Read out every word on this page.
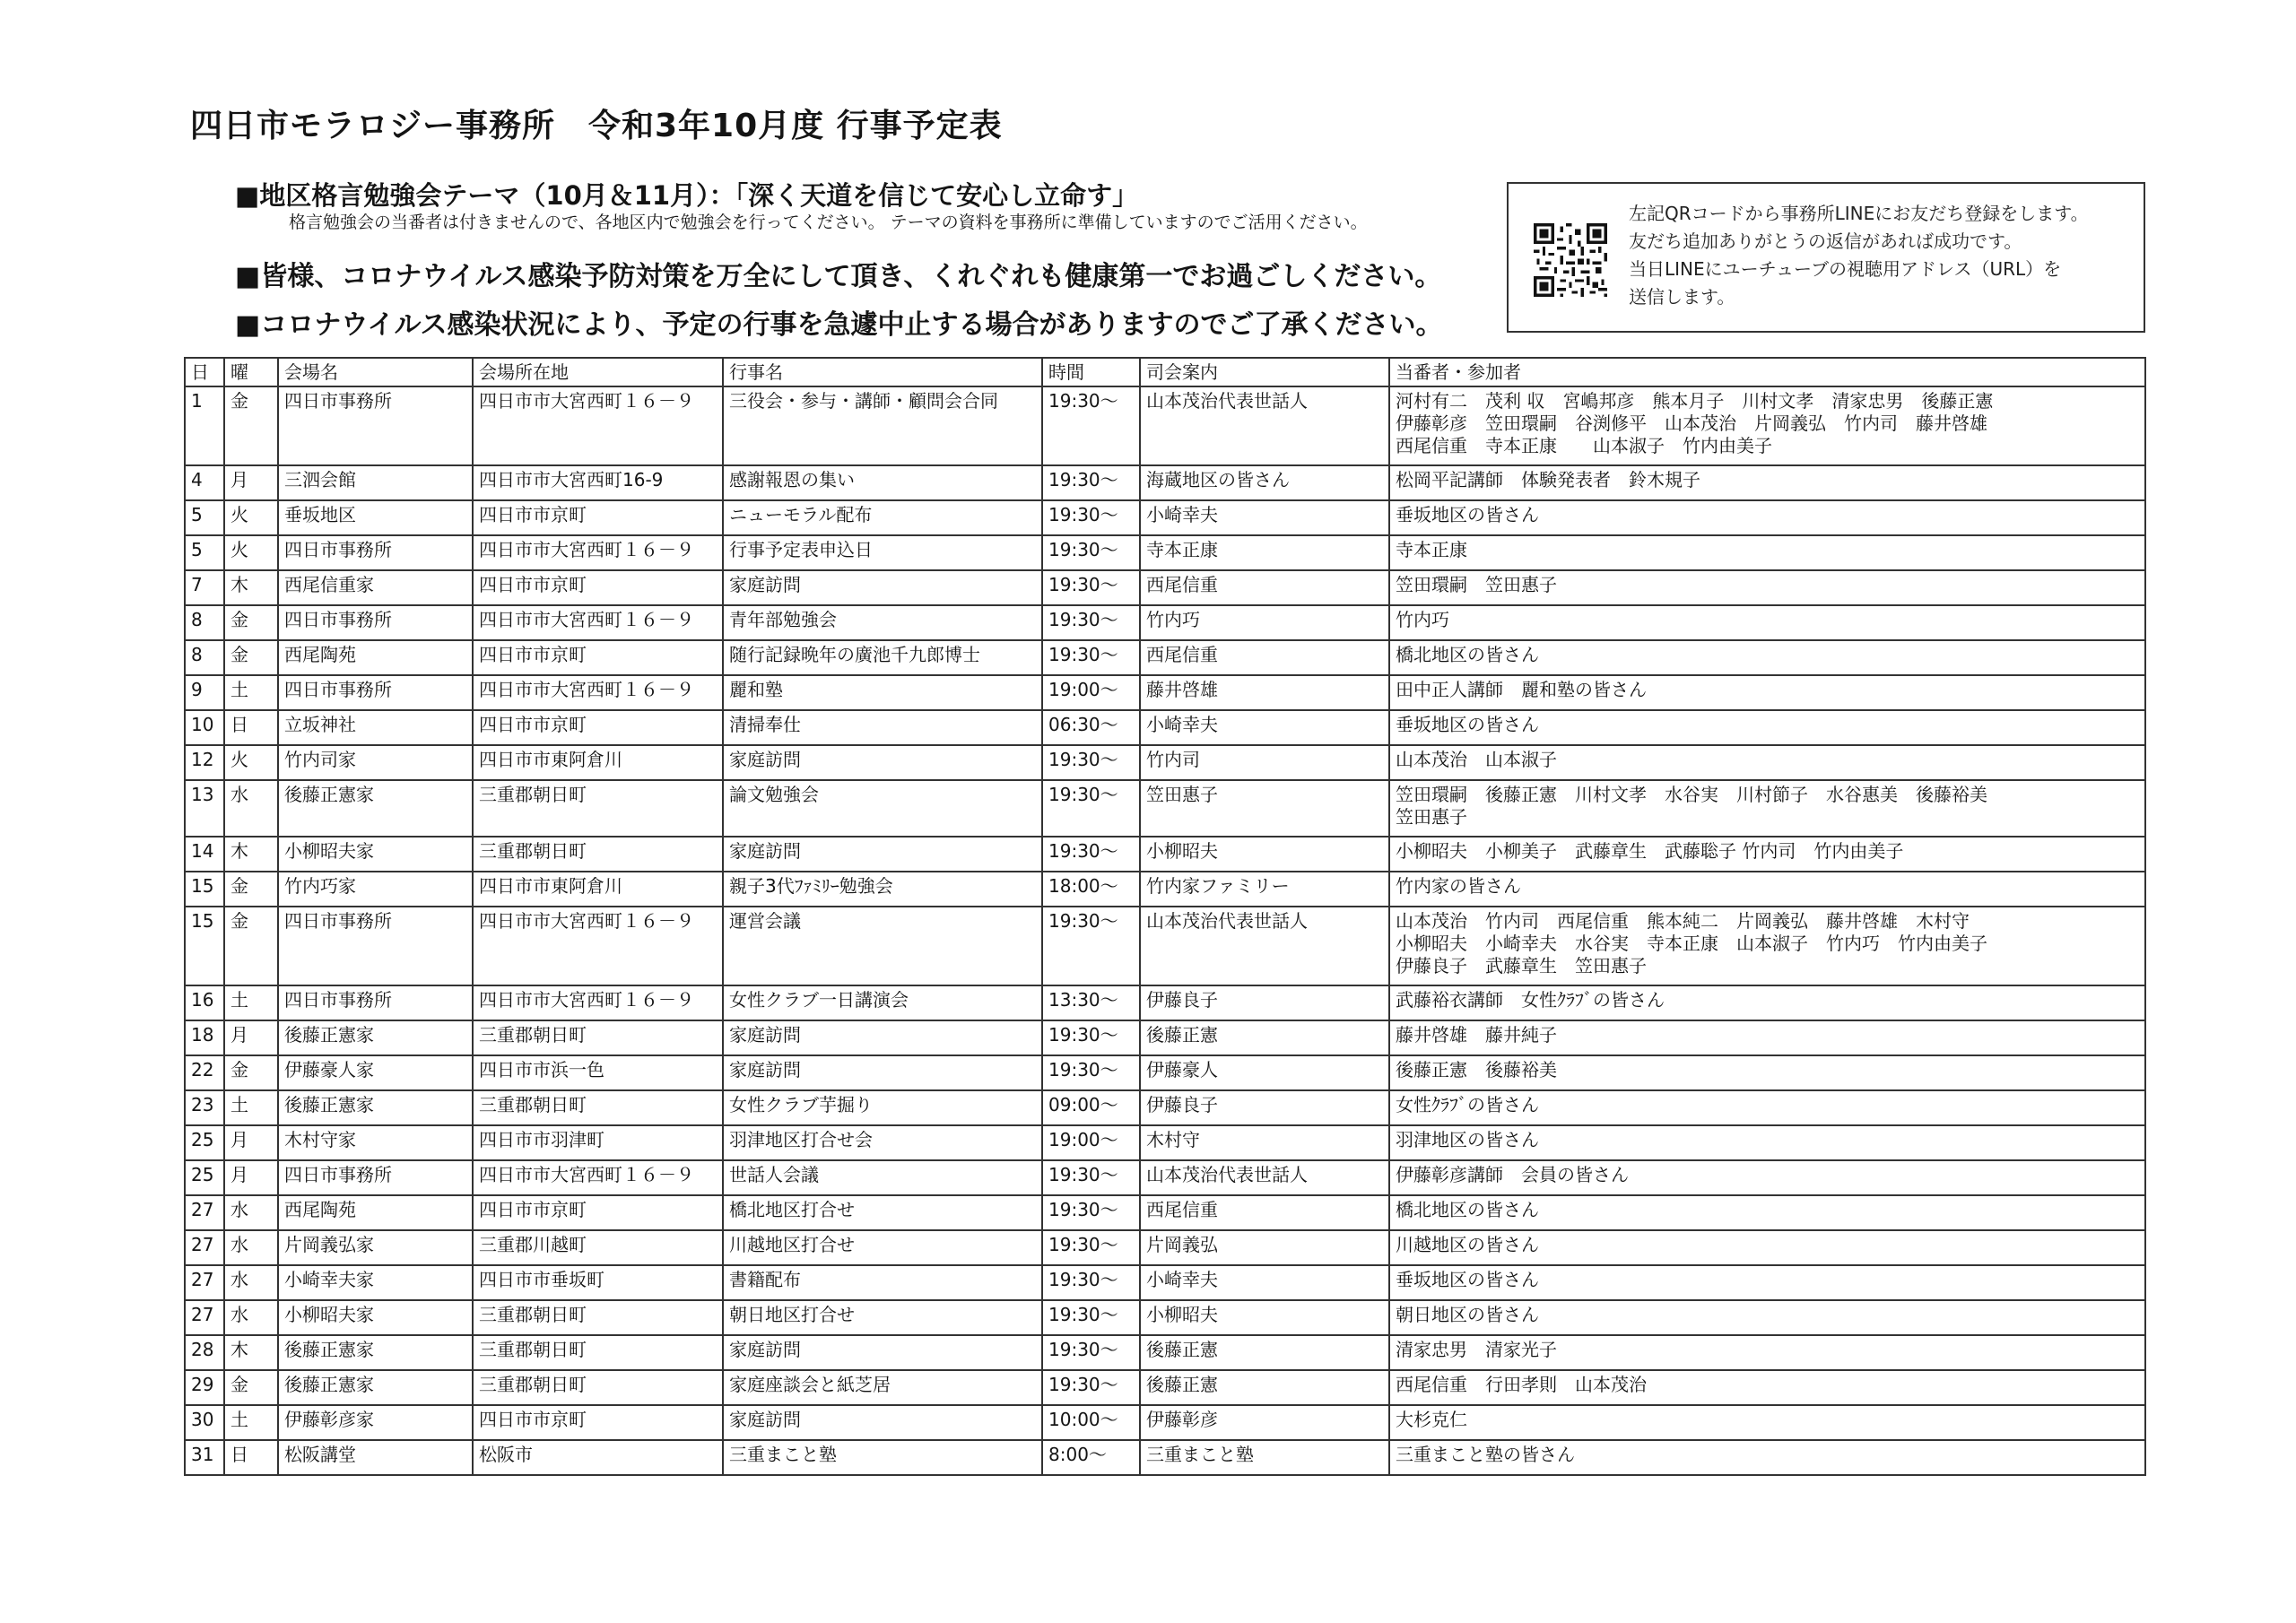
四日市モラロジー事務所　令和3年10月度 行事予定表
■地区格言勉強会テーマ（10月＆11月）：「深く天道を信じて安心し立命す」
格言勉強会の当番者は付きませんので、各地区内で勉強会を行ってください。 テーマの資料を事務所に準備していますのでご活用ください。
■皆様、コロナウイルス感染予防対策を万全にして頂き、くれぐれも健康第一でお過ごしください。
■コロナウイルス感染状況により、予定の行事を急遽中止する場合がありますのでご了承ください。
左記QRコードから事務所LINEにお友だち登録をします。
友だち追加ありがとうの返信があれば成功です。
当日LINEにユーチューブの視聴用アドレス（URL）を
送信します。
日	曜	会場名	会場所在地	行事名	時間	司会案内	当番者・参加者

1	金	四日市事務所	四日市市大宮西町１６－９	三役会・参与・講師・顧問会合同	19:30～	山本茂治代表世話人	河村有二　茂利 収　宮嶋邦彦　熊本月子　川村文孝　清家忠男　後藤正憲
伊藤彰彦　笠田環嗣　谷渕修平　山本茂治　片岡義弘　竹内司　藤井啓雄
西尾信重　寺本正康　　山本淑子　竹内由美子

4	月	三泗会館	四日市市大宮西町16-9	感謝報恩の集い	19:30～	海蔵地区の皆さん	松岡平記講師　体験発表者　鈴木規子

5	火	垂坂地区	四日市市京町	ニューモラル配布	19:30～	小崎幸夫	垂坂地区の皆さん

5	火	四日市事務所	四日市市大宮西町１６－９	行事予定表申込日	19:30～	寺本正康	寺本正康

7	木	西尾信重家	四日市市京町	家庭訪問	19:30～	西尾信重	笠田環嗣　笠田惠子

8	金	四日市事務所	四日市市大宮西町１６－９	青年部勉強会	19:30～	竹内巧	竹内巧

8	金	西尾陶苑	四日市市京町	随行記録晩年の廣池千九郎博士	19:30～	西尾信重	橋北地区の皆さん

9	土	四日市事務所	四日市市大宮西町１６－９	麗和塾	19:00～	藤井啓雄	田中正人講師　麗和塾の皆さん

10	日	立坂神社	四日市市京町	清掃奉仕	06:30～	小崎幸夫	垂坂地区の皆さん

12	火	竹内司家	四日市市東阿倉川	家庭訪問	19:30～	竹内司	山本茂治　山本淑子

13	水	後藤正憲家	三重郡朝日町	論文勉強会	19:30～	笠田惠子	笠田環嗣　後藤正憲　川村文孝　水谷実　川村節子　水谷惠美　後藤裕美
笠田惠子

14	木	小柳昭夫家	三重郡朝日町	家庭訪問	19:30～	小柳昭夫	小柳昭夫　小柳美子　武藤章生　武藤聡子 竹内司　竹内由美子

15	金	竹内巧家	四日市市東阿倉川	親子3代ﾌｧﾐﾘｰ勉強会	18:00～	竹内家ファミリー	竹内家の皆さん

15	金	四日市事務所	四日市市大宮西町１６－９	運営会議	19:30～	山本茂治代表世話人	山本茂治　竹内司　西尾信重　熊本純二　片岡義弘　藤井啓雄　木村守
小柳昭夫　小崎幸夫　水谷実　寺本正康　山本淑子　竹内巧　竹内由美子
伊藤良子　武藤章生　笠田惠子

16	土	四日市事務所	四日市市大宮西町１６－９	女性クラブ一日講演会	13:30～	伊藤良子	武藤裕衣講師　女性ｸﾗﾌﾞの皆さん

18	月	後藤正憲家	三重郡朝日町	家庭訪問	19:30～	後藤正憲	藤井啓雄　藤井純子

22	金	伊藤豪人家	四日市市浜一色	家庭訪問	19:30～	伊藤豪人	後藤正憲　後藤裕美

23	土	後藤正憲家	三重郡朝日町	女性クラブ芋掘り	09:00～	伊藤良子	女性ｸﾗﾌﾞの皆さん

25	月	木村守家	四日市市羽津町	羽津地区打合せ会	19:00～	木村守	羽津地区の皆さん

25	月	四日市事務所	四日市市大宮西町１６－９	世話人会議	19:30～	山本茂治代表世話人	伊藤彰彦講師　会員の皆さん

27	水	西尾陶苑	四日市市京町	橋北地区打合せ	19:30～	西尾信重	橋北地区の皆さん

27	水	片岡義弘家	三重郡川越町	川越地区打合せ	19:30～	片岡義弘	川越地区の皆さん

27	水	小崎幸夫家	四日市市垂坂町	書籍配布	19:30～	小崎幸夫	垂坂地区の皆さん

27	水	小柳昭夫家	三重郡朝日町	朝日地区打合せ	19:30～	小柳昭夫	朝日地区の皆さん

28	木	後藤正憲家	三重郡朝日町	家庭訪問	19:30～	後藤正憲	清家忠男　清家光子

29	金	後藤正憲家	三重郡朝日町	家庭座談会と紙芝居	19:30～	後藤正憲	西尾信重　行田孝則　山本茂治

30	土	伊藤彰彦家	四日市市京町	家庭訪問	10:00～	伊藤彰彦	大杉克仁

31	日	松阪講堂	松阪市	三重まこと塾	8:00～	三重まこと塾	三重まこと塾の皆さん
